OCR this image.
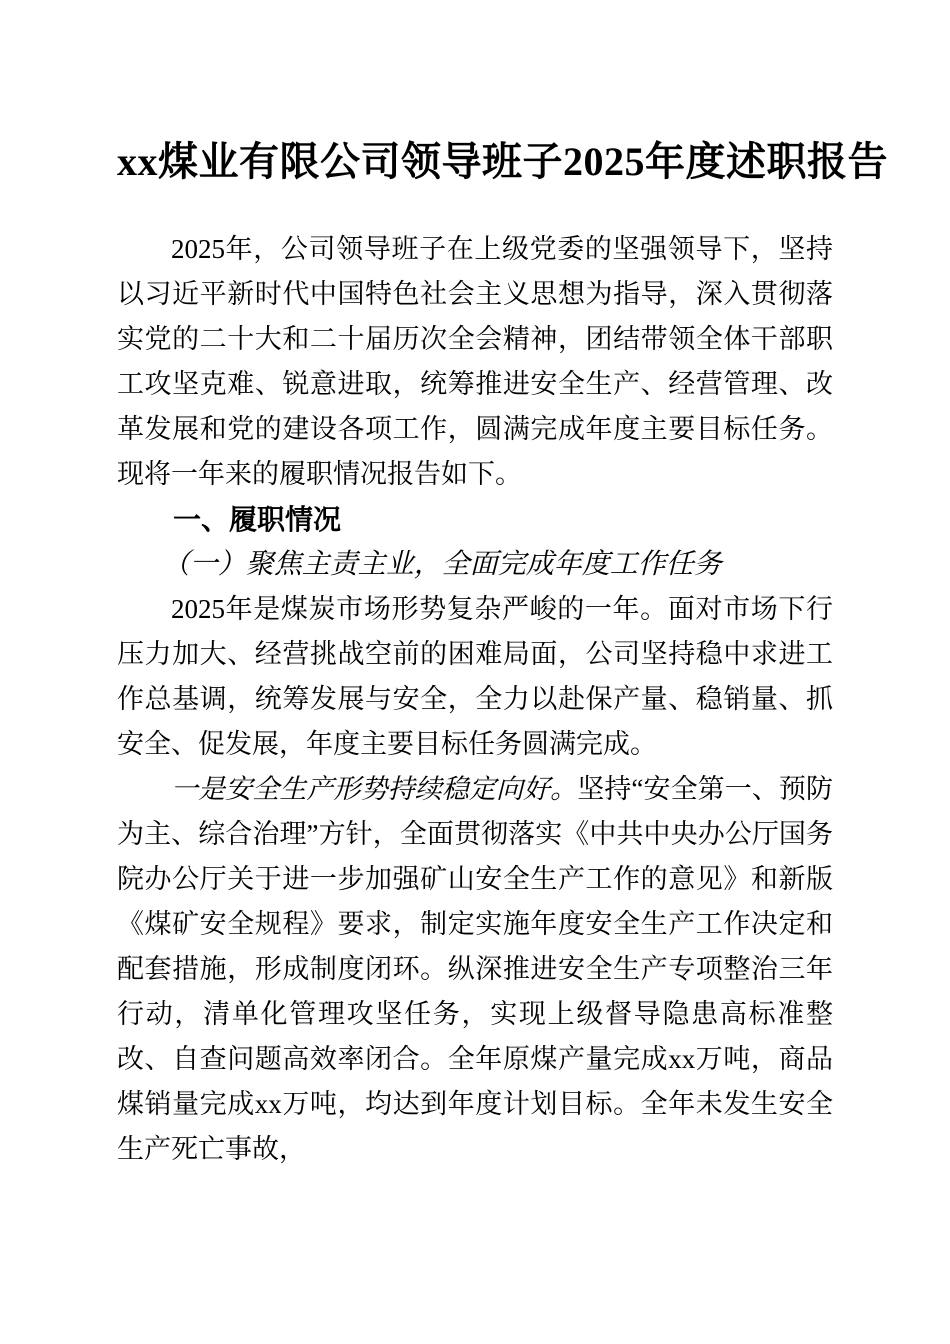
xx煤业有限公司领导班子2025年度述职报告

2025年，公司领导班子在上级党委的坚强领导下，坚持以习近平新时代中国特色社会主义思想为指导，深入贯彻落实党的二十大和二十届历次全会精神，团结带领全体干部职工攻坚克难、锐意进取，统筹推进安全生产、经营管理、改革发展和党的建设各项工作，圆满完成年度主要目标任务。现将一年来的履职情况报告如下。

一、履职情况
（一）聚焦主责主业，全面完成年度工作任务

2025年是煤炭市场形势复杂严峻的一年。面对市场下行压力加大、经营挑战空前的困难局面，公司坚持稳中求进工作总基调，统筹发展与安全，全力以赴保产量、稳销量、抓安全、促发展，年度主要目标任务圆满完成。

一是安全生产形势持续稳定向好。坚持“安全第一、预防为主、综合治理”方针，全面贯彻落实《中共中央办公厅国务院办公厅关于进一步加强矿山安全生产工作的意见》和新版《煤矿安全规程》要求，制定实施年度安全生产工作决定和配套措施，形成制度闭环。纵深推进安全生产专项整治三年行动，清单化管理攻坚任务，实现上级督导隐患高标准整改、自查问题高效率闭合。全年原煤产量完成xx万吨，商品煤销量完成xx万吨，均达到年度计划目标。全年未发生安全生产死亡事故，
